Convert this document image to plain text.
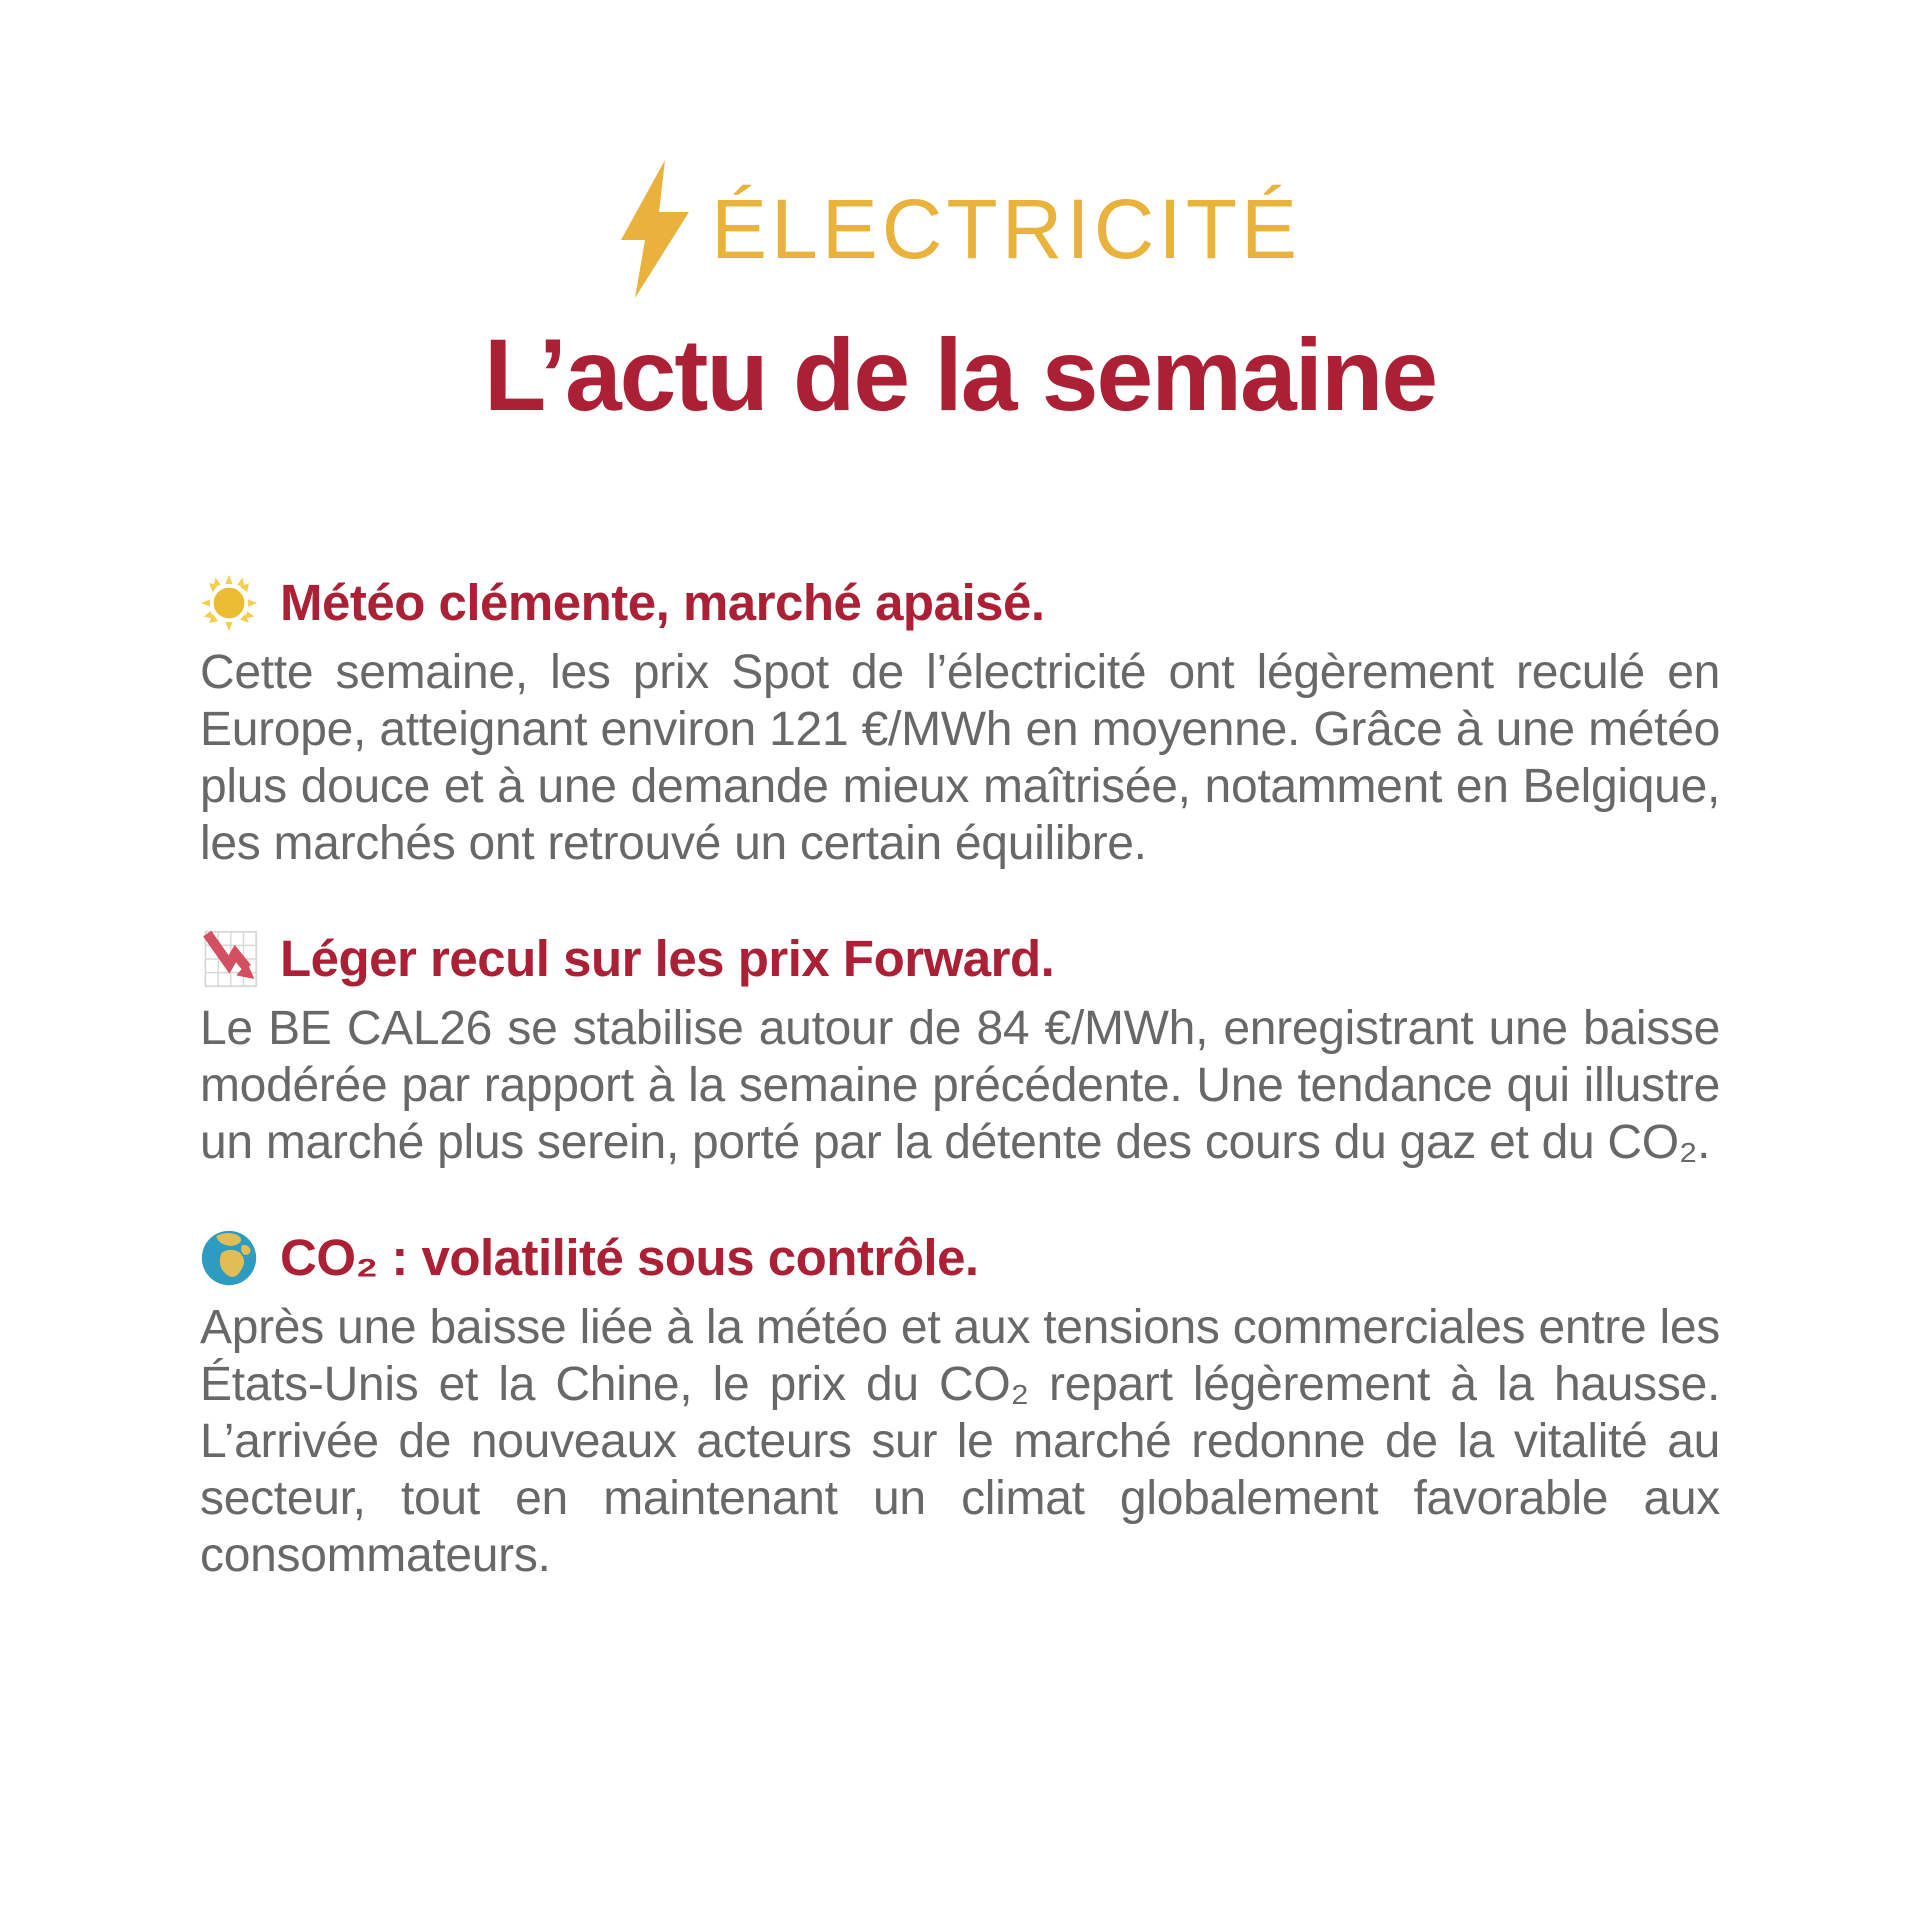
ÉLECTRICITÉ
L’actu de la semaine
Météo clémente, marché apaisé.

Cette semaine, les prix Spot de l’électricité ont légèrement reculé en Europe, atteignant environ 121 €/MWh en moyenne. Grâce à une météo plus douce et à une demande mieux maîtrisée, notamment en Belgique, les marchés ont retrouvé un certain équilibre.

Léger recul sur les prix Forward.

Le BE CAL26 se stabilise autour de 84 €/MWh, enregistrant une baisse modérée par rapport à la semaine précédente. Une tendance qui illustre un marché plus serein, porté par la détente des cours du gaz et du CO₂.

CO₂ : volatilité sous contrôle.

Après une baisse liée à la météo et aux tensions commerciales entre les États-Unis et la Chine, le prix du CO₂ repart légèrement à la hausse. L’arrivée de nouveaux acteurs sur le marché redonne de la vitalité au secteur, tout en maintenant un climat globalement favorable aux consommateurs.
